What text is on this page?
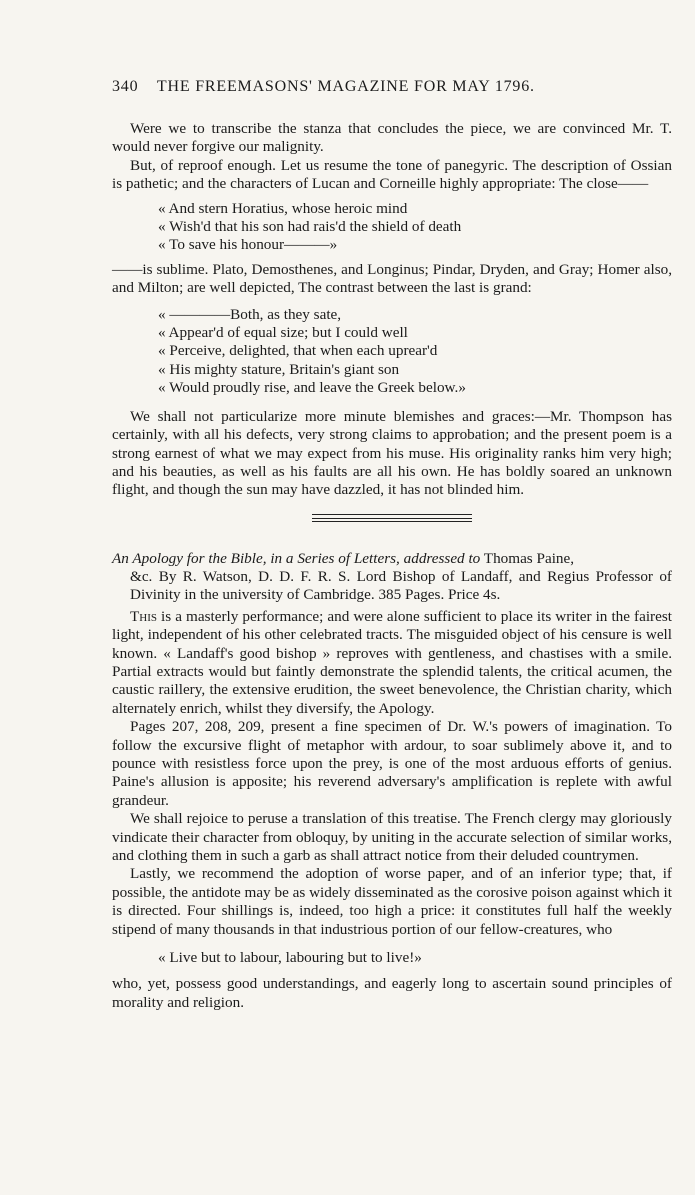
340 THE FREEMASONS' MAGAZINE FOR MAY 1796.

Were we to transcribe the stanza that concludes the piece, we are convinced Mr. T. would never forgive our malignity.

But, of reproof enough. Let us resume the tone of panegyric. The description of Ossian is pathetic; and the characters of Lucan and Corneille highly appropriate: The close——

« And stern Horatius, whose heroic mind
« Wish'd that his son had rais'd the shield of death
« To save his honour———»

——is sublime. Plato, Demosthenes, and Longinus; Pindar, Dryden, and Gray; Homer also, and Milton; are well depicted, The contrast between the last is grand:

« ————Both, as they sate,
« Appear'd of equal size; but I could well
« Perceive, delighted, that when each uprear'd
« His mighty stature, Britain's giant son
« Would proudly rise, and leave the Greek below.»

We shall not particularize more minute blemishes and graces:—Mr. Thompson has certainly, with all his defects, very strong claims to approbation; and the present poem is a strong earnest of what we may expect from his muse. His originality ranks him very high; and his beauties, as well as his faults are all his own. He has boldly soared an unknown flight, and though the sun may have dazzled, it has not blinded him.

An Apology for the Bible, in a Series of Letters, addressed to Thomas Paine,
&c. By R. Watson, D. D. F. R. S. Lord Bishop of Landaff, and Regius Professor of Divinity in the university of Cambridge. 385 Pages. Price 4s.

This is a masterly performance; and were alone sufficient to place its writer in the fairest light, independent of his other celebrated tracts. The misguided object of his censure is well known. « Landaff's good bishop » reproves with gentleness, and chastises with a smile. Partial extracts would but faintly demonstrate the splendid talents, the critical acumen, the caustic raillery, the extensive erudition, the sweet benevolence, the Christian charity, which alternately enrich, whilst they diversify, the Apology.

Pages 207, 208, 209, present a fine specimen of Dr. W.'s powers of imagination. To follow the excursive flight of metaphor with ardour, to soar sublimely above it, and to pounce with resistless force upon the prey, is one of the most arduous efforts of genius. Paine's allusion is apposite; his reverend adversary's amplification is replete with awful grandeur.

We shall rejoice to peruse a translation of this treatise. The French clergy may gloriously vindicate their character from obloquy, by uniting in the accurate selection of similar works, and clothing them in such a garb as shall attract notice from their deluded countrymen.

Lastly, we recommend the adoption of worse paper, and of an inferior type; that, if possible, the antidote may be as widely disseminated as the corosive poison against which it is directed. Four shillings is, indeed, too high a price: it constitutes full half the weekly stipend of many thousands in that industrious portion of our fellow-creatures, who

« Live but to labour, labouring but to live!»

who, yet, possess good understandings, and eagerly long to ascertain sound principles of morality and religion.
